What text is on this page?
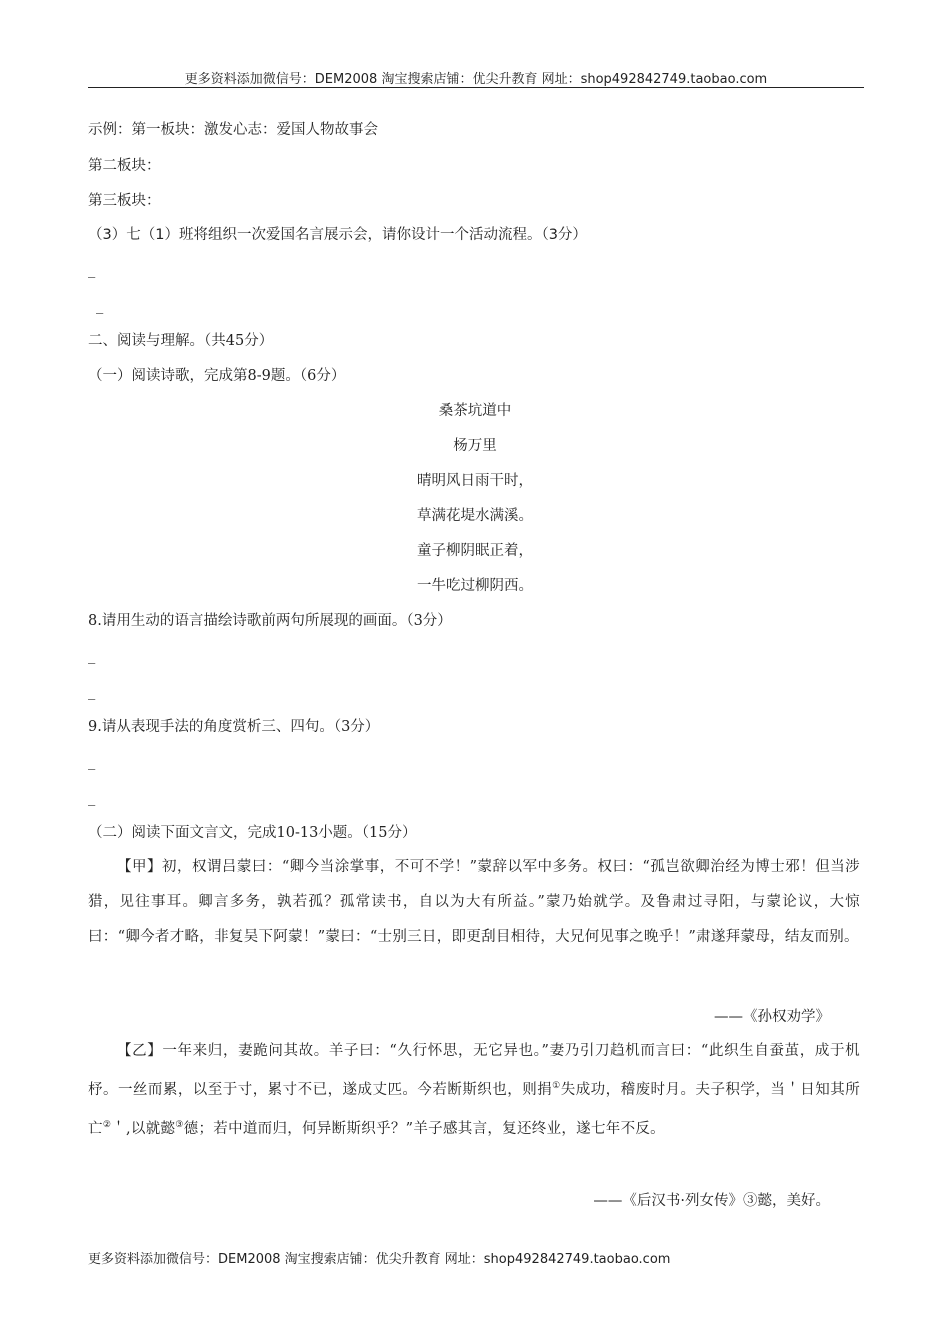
更多资料添加微信号：DEM2008 淘宝搜索店铺：优尖升教育 网址：shop492842749.taobao.com
示例：第一板块：激发心志：爱国人物故事会
第二板块：
第三板块：
（3）七（1）班将组织一次爱国名言展示会，请你设计一个活动流程。（3分）
_
_
二、阅读与理解。（共45分）
（一）阅读诗歌，完成第8-9题。（6分）
桑茶坑道中
杨万里
晴明风日雨干时，
草满花堤水满溪。
童子柳阴眠正着，
一牛吃过柳阴西。
8.请用生动的语言描绘诗歌前两句所展现的画面。（3分）
_
_
9.请从表现手法的角度赏析三、四句。（3分）
_
_
（二）阅读下面文言文，完成10-13小题。（15分）
【甲】初，权谓吕蒙曰：“卿今当涂掌事，不可不学！”蒙辞以军中多务。权曰：“孤岂欲卿治经为博士邪！但当涉猎，见往事耳。卿言多务，孰若孤？孤常读书，自以为大有所益。”蒙乃始就学。及鲁肃过寻阳，与蒙论议，大惊曰：“卿今者才略，非复吴下阿蒙！”蒙曰：“士别三日，即更刮目相待，大兄何见事之晚乎！”肃遂拜蒙母，结友而别。
——《孙权劝学》
【乙】一年来归，妻跪问其故。羊子曰：“久行怀思，无它异也。”妻乃引刀趋机而言曰：“此织生自蚕茧，成于机杼。一丝而累，以至于寸，累寸不已，遂成丈匹。今若断斯织也，则捐①失成功，稽废时月。夫子积学，当＇日知其所亡②＇,以就懿③德；若中道而归，何异断斯织乎？”羊子感其言，复还终业，遂七年不反。
——《后汉书·列女传》③懿，美好。
更多资料添加微信号：DEM2008 淘宝搜索店铺：优尖升教育 网址：shop492842749.taobao.com
